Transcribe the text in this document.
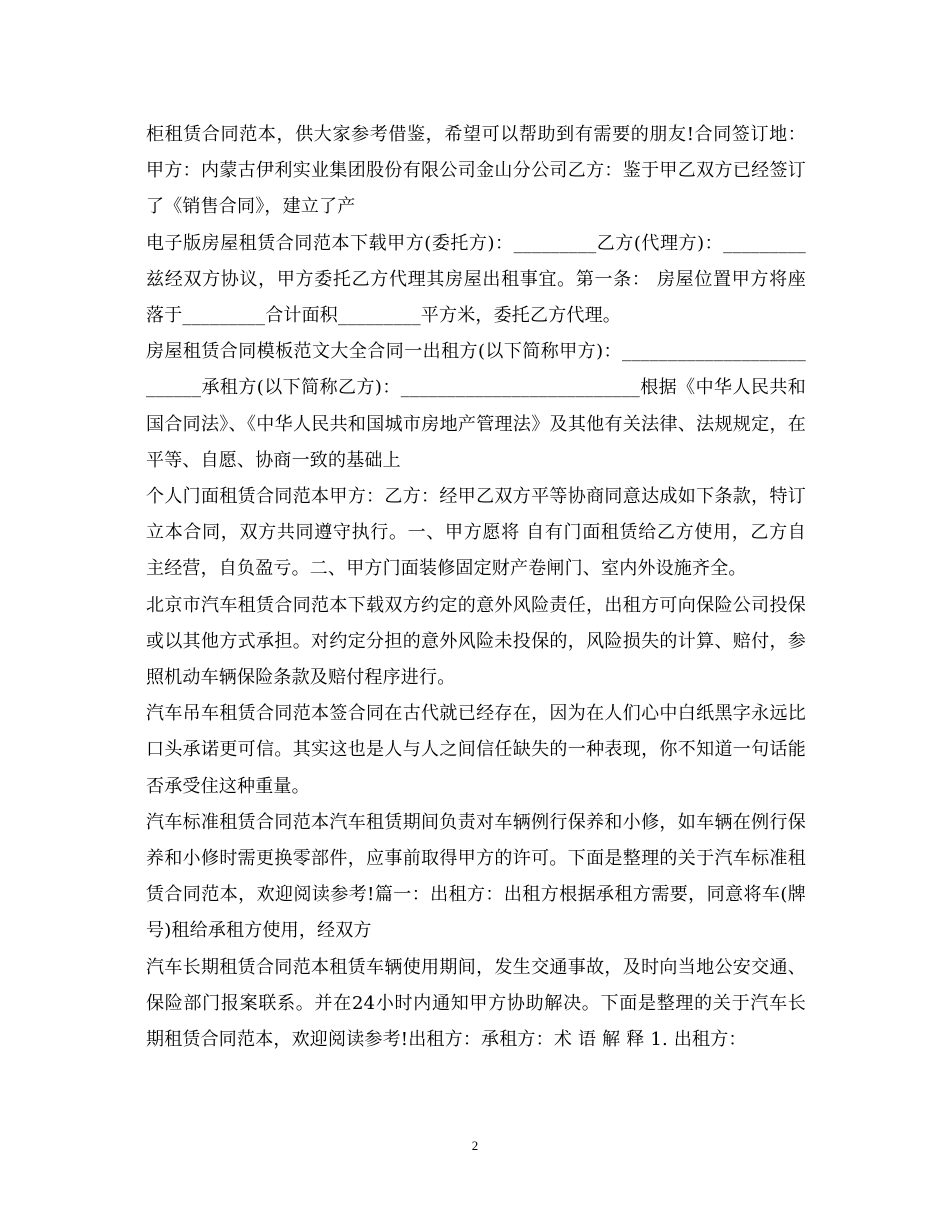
柜租赁合同范本，供大家参考借鉴，希望可以帮助到有需要的朋友!合同签订地：甲方：内蒙古伊利实业集团股份有限公司金山分公司乙方：鉴于甲乙双方已经签订了《销售合同》，建立了产

电子版房屋租赁合同范本下载甲方(委托方)：_________乙方(代理方)：_________兹经双方协议，甲方委托乙方代理其房屋出租事宜。第一条： 房屋位置甲方将座落于_________合计面积_________平方米，委托乙方代理。

房屋租赁合同模板范文大全合同一出租方(以下简称甲方)：__________________________承租方(以下简称乙方)：__________________________根据《中华人民共和国合同法》、《中华人民共和国城市房地产管理法》及其他有关法律、法规规定，在平等、自愿、协商一致的基础上

个人门面租赁合同范本甲方：乙方：经甲乙双方平等协商同意达成如下条款，特订立本合同，双方共同遵守执行。一、甲方愿将 自有门面租赁给乙方使用，乙方自主经营，自负盈亏。二、甲方门面装修固定财产卷闸门、室内外设施齐全。

北京市汽车租赁合同范本下载双方约定的意外风险责任，出租方可向保险公司投保或以其他方式承担。对约定分担的意外风险未投保的，风险损失的计算、赔付，参照机动车辆保险条款及赔付程序进行。

汽车吊车租赁合同范本签合同在古代就已经存在，因为在人们心中白纸黑字永远比口头承诺更可信。其实这也是人与人之间信任缺失的一种表现，你不知道一句话能否承受住这种重量。

汽车标准租赁合同范本汽车租赁期间负责对车辆例行保养和小修，如车辆在例行保养和小修时需更换零部件，应事前取得甲方的许可。下面是整理的关于汽车标准租赁合同范本，欢迎阅读参考!篇一：出租方：出租方根据承租方需要，同意将车(牌号)租给承租方使用，经双方

汽车长期租赁合同范本租赁车辆使用期间，发生交通事故，及时向当地公安交通、保险部门报案联系。并在24小时内通知甲方协助解决。下面是整理的关于汽车长期租赁合同范本，欢迎阅读参考!出租方：承租方：术 语 解 释 1. 出租方：

2
